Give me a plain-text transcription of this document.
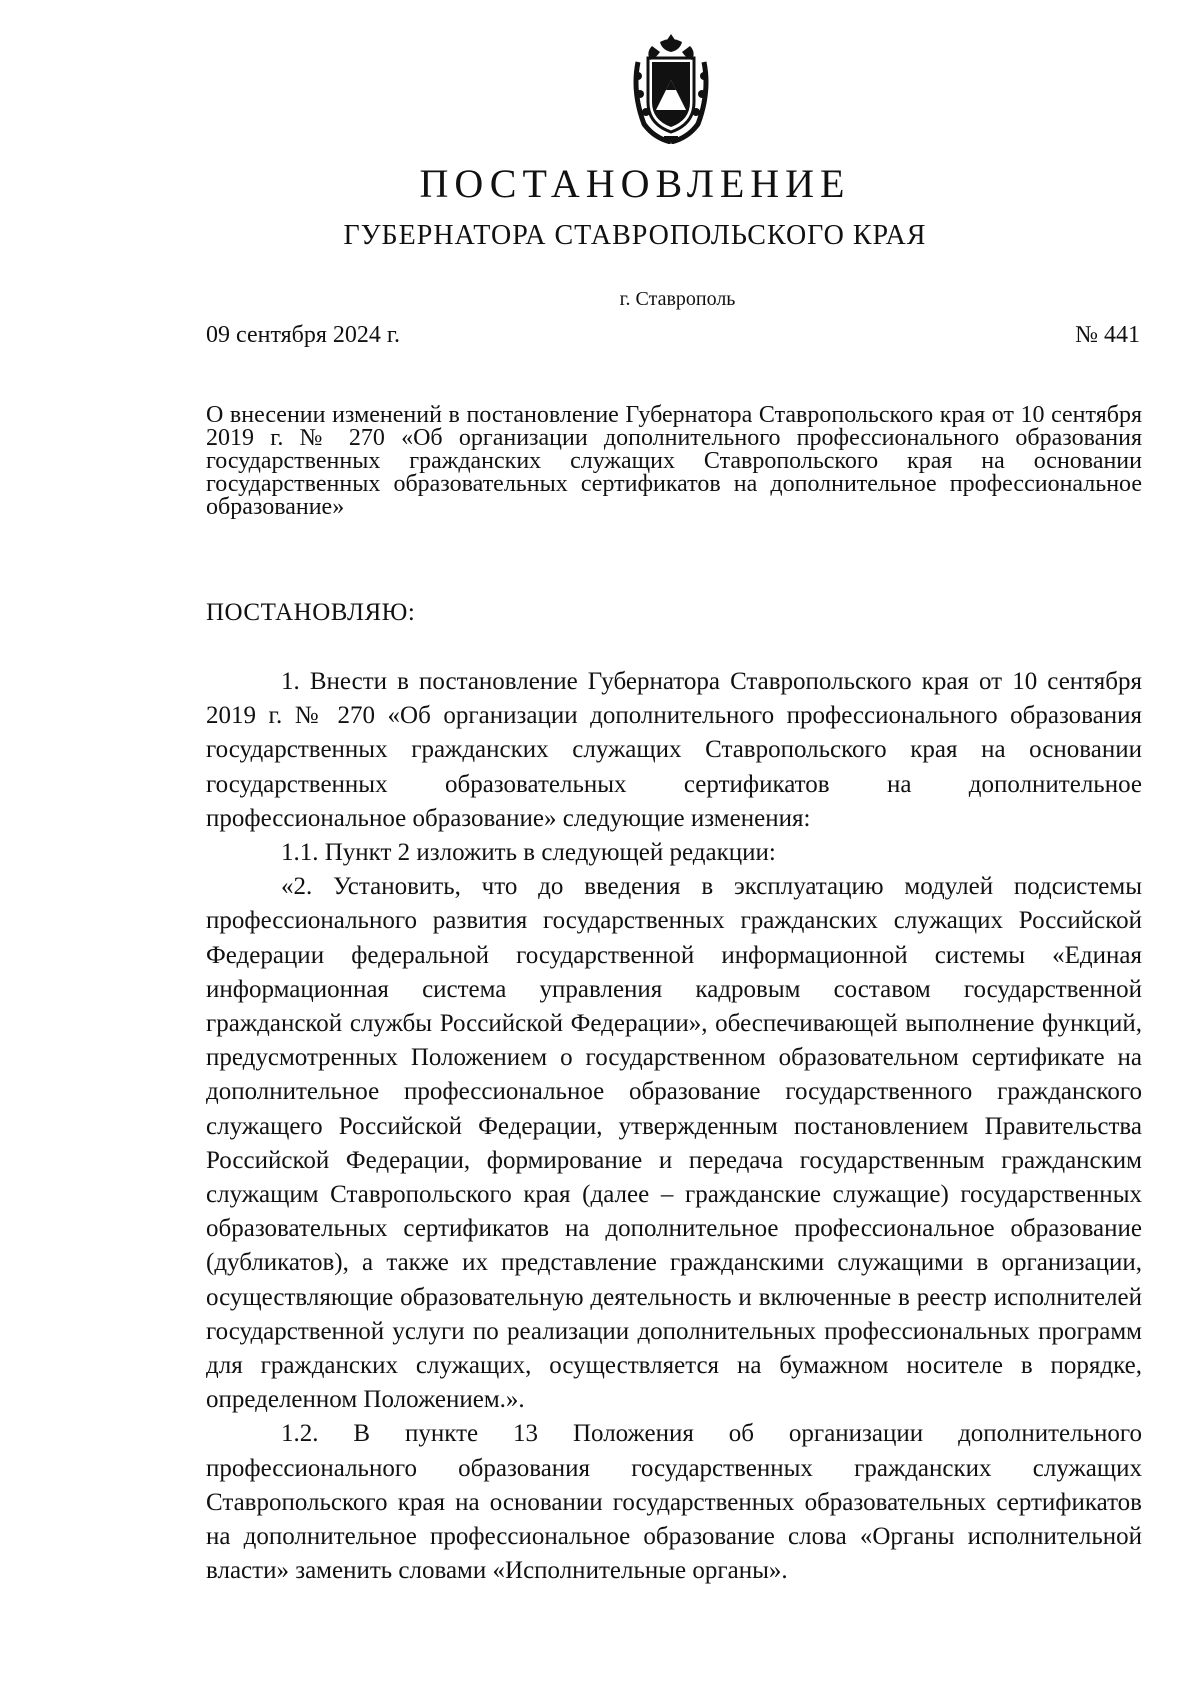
ПОСТАНОВЛЕНИЕ
ГУБЕРНАТОРА СТАВРОПОЛЬСКОГО КРАЯ
г. Ставрополь
09 сентября 2024 г.	№ 441
О внесении изменений в постановление Губернатора Ставропольского края от 10 сентября 2019 г. № 270 «Об организации дополнительного профессионального образования государственных гражданских служащих Ставропольского края на основании государственных образовательных сертификатов на дополнительное профессиональное образование»
ПОСТАНОВЛЯЮ:

1. Внести в постановление Губернатора Ставропольского края от 10 сентября 2019 г. № 270 «Об организации дополнительного профессионального образования государственных гражданских служащих Ставропольского края на основании государственных образовательных сертификатов на дополнительное профессиональное образование» следующие изменения:

1.1. Пункт 2 изложить в следующей редакции:

«2. Установить, что до введения в эксплуатацию модулей подсистемы профессионального развития государственных гражданских служащих Российской Федерации федеральной государственной информационной системы «Единая информационная система управления кадровым составом государственной гражданской службы Российской Федерации», обеспечивающей выполнение функций, предусмотренных Положением о государственном образовательном сертификате на дополнительное профессиональное образование государственного гражданского служащего Российской Федерации, утвержденным постановлением Правительства Российской Федерации, формирование и передача государственным гражданским служащим Ставропольского края (далее – гражданские служащие) государственных образовательных сертификатов на дополнительное профессиональное образование (дубликатов), а также их представление гражданскими служащими в организации, осуществляющие образовательную деятельность и включенные в реестр исполнителей государственной услуги по реализации дополнительных профессиональных программ для гражданских служащих, осуществляется на бумажном носителе в порядке, определенном Положением.».

1.2. В пункте 13 Положения об организации дополнительного профессионального образования государственных гражданских служащих Ставропольского края на основании государственных образовательных сертификатов на дополнительное профессиональное образование слова «Органы исполнительной власти» заменить словами «Исполнительные органы».
